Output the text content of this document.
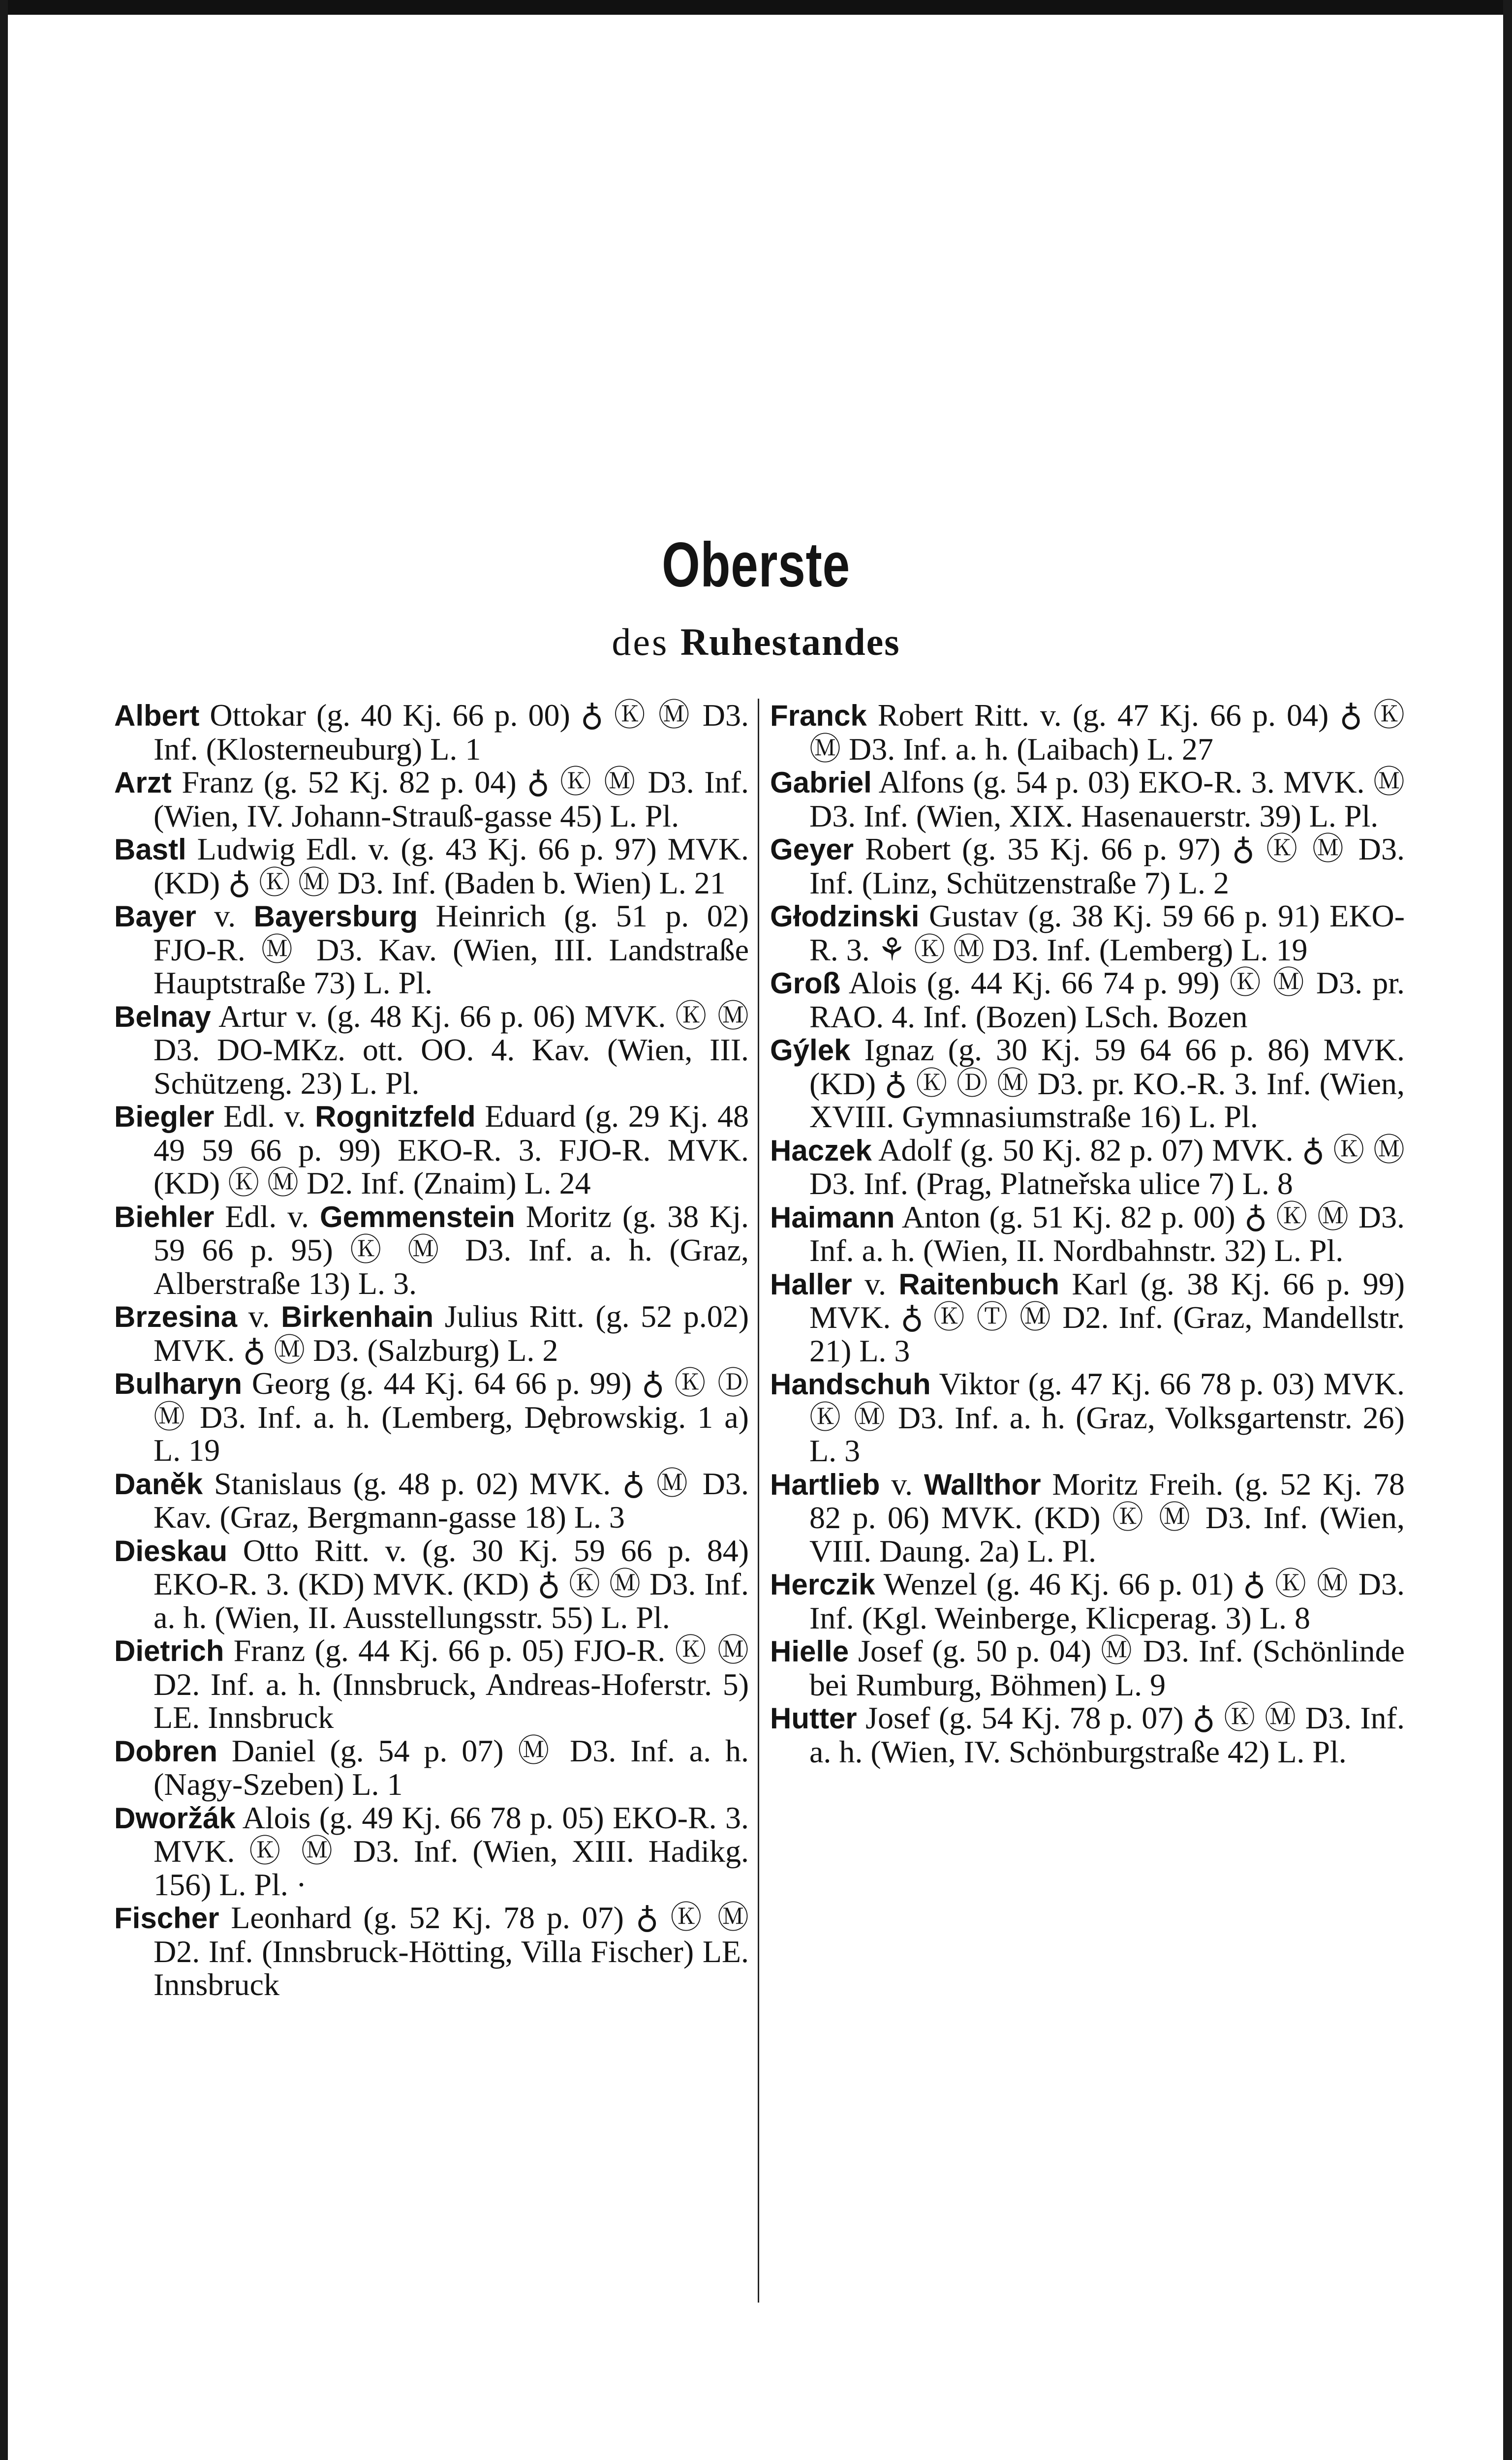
Oberste
des Ruhestandes

Albert Ottokar (g. 40 Kj. 66 p. 00) ♁ Ⓚ Ⓜ D3. Inf. (Klosterneuburg) L. 1

Arzt Franz (g. 52 Kj. 82 p. 04) ♁ Ⓚ Ⓜ D3. Inf. (Wien, IV. Johann-Strauß-gasse 45) L. Pl.

Bastl Ludwig Edl. v. (g. 43 Kj. 66 p. 97) MVK. (KD) ♁ Ⓚ Ⓜ D3. Inf. (Baden b. Wien) L. 21

Bayer v. Bayersburg Heinrich (g. 51 p. 02) FJO-R. Ⓜ D3. Kav. (Wien, III. Landstraße Hauptstraße 73) L. Pl.

Belnay Artur v. (g. 48 Kj. 66 p. 06) MVK. Ⓚ Ⓜ D3. DO-MKz. ott. OO. 4. Kav. (Wien, III. Schützeng. 23) L. Pl.

Biegler Edl. v. Rognitzfeld Eduard (g. 29 Kj. 48 49 59 66 p. 99) EKO-R. 3. FJO-R. MVK. (KD) Ⓚ Ⓜ D2. Inf. (Znaim) L. 24

Biehler Edl. v. Gemmenstein Moritz (g. 38 Kj. 59 66 p. 95) Ⓚ Ⓜ D3. Inf. a. h. (Graz, Alberstraße 13) L. 3.

Brzesina v. Birkenhain Julius Ritt. (g. 52 p.02) MVK. ♁ Ⓜ D3. (Salzburg) L. 2

Bulharyn Georg (g. 44 Kj. 64 66 p. 99) ♁ Ⓚ Ⓓ Ⓜ D3. Inf. a. h. (Lemberg, Dębrowskig. 1 a) L. 19

Daněk Stanislaus (g. 48 p. 02) MVK. ♁ Ⓜ D3. Kav. (Graz, Bergmann-gasse 18) L. 3

Dieskau Otto Ritt. v. (g. 30 Kj. 59 66 p. 84) EKO-R. 3. (KD) MVK. (KD) ♁ Ⓚ Ⓜ D3. Inf. a. h. (Wien, II. Ausstellungsstr. 55) L. Pl.

Dietrich Franz (g. 44 Kj. 66 p. 05) FJO-R. Ⓚ Ⓜ D2. Inf. a. h. (Innsbruck, Andreas-Hoferstr. 5) LE. Innsbruck

Dobren Daniel (g. 54 p. 07) Ⓜ D3. Inf. a. h. (Nagy-Szeben) L. 1

Dworžák Alois (g. 49 Kj. 66 78 p. 05) EKO-R. 3. MVK. Ⓚ Ⓜ D3. Inf. (Wien, XIII. Hadikg. 156) L. Pl. ·

Fischer Leonhard (g. 52 Kj. 78 p. 07) ♁ Ⓚ Ⓜ D2. Inf. (Innsbruck-Hötting, Villa Fischer) LE. Innsbruck

Franck Robert Ritt. v. (g. 47 Kj. 66 p. 04) ♁ Ⓚ Ⓜ D3. Inf. a. h. (Laibach) L. 27

Gabriel Alfons (g. 54 p. 03) EKO-R. 3. MVK. Ⓜ D3. Inf. (Wien, XIX. Hasenauerstr. 39) L. Pl.

Geyer Robert (g. 35 Kj. 66 p. 97) ♁ Ⓚ Ⓜ D3. Inf. (Linz, Schützenstraße 7) L. 2

Głodzinski Gustav (g. 38 Kj. 59 66 p. 91) EKO-R. 3. ⚘ Ⓚ Ⓜ D3. Inf. (Lemberg) L. 19

Groß Alois (g. 44 Kj. 66 74 p. 99) Ⓚ Ⓜ D3. pr. RAO. 4. Inf. (Bozen) LSch. Bozen

Gýlek Ignaz (g. 30 Kj. 59 64 66 p. 86) MVK. (KD) ♁ Ⓚ Ⓓ Ⓜ D3. pr. KO.-R. 3. Inf. (Wien, XVIII. Gymnasiumstraße 16) L. Pl.

Haczek Adolf (g. 50 Kj. 82 p. 07) MVK. ♁ Ⓚ Ⓜ D3. Inf. (Prag, Platneřska ulice 7) L. 8

Haimann Anton (g. 51 Kj. 82 p. 00) ♁ Ⓚ Ⓜ D3. Inf. a. h. (Wien, II. Nordbahnstr. 32) L. Pl.

Haller v. Raitenbuch Karl (g. 38 Kj. 66 p. 99) MVK. ♁ Ⓚ Ⓣ Ⓜ D2. Inf. (Graz, Mandellstr. 21) L. 3

Handschuh Viktor (g. 47 Kj. 66 78 p. 03) MVK. Ⓚ Ⓜ D3. Inf. a. h. (Graz, Volksgartenstr. 26) L. 3

Hartlieb v. Wallthor Moritz Freih. (g. 52 Kj. 78 82 p. 06) MVK. (KD) Ⓚ Ⓜ D3. Inf. (Wien, VIII. Daung. 2a) L. Pl.

Herczik Wenzel (g. 46 Kj. 66 p. 01) ♁ Ⓚ Ⓜ D3. Inf. (Kgl. Weinberge, Klicperag. 3) L. 8

Hielle Josef (g. 50 p. 04) Ⓜ D3. Inf. (Schönlinde bei Rumburg, Böhmen) L. 9

Hutter Josef (g. 54 Kj. 78 p. 07) ♁ Ⓚ Ⓜ D3. Inf. a. h. (Wien, IV. Schönburgstraße 42) L. Pl.
